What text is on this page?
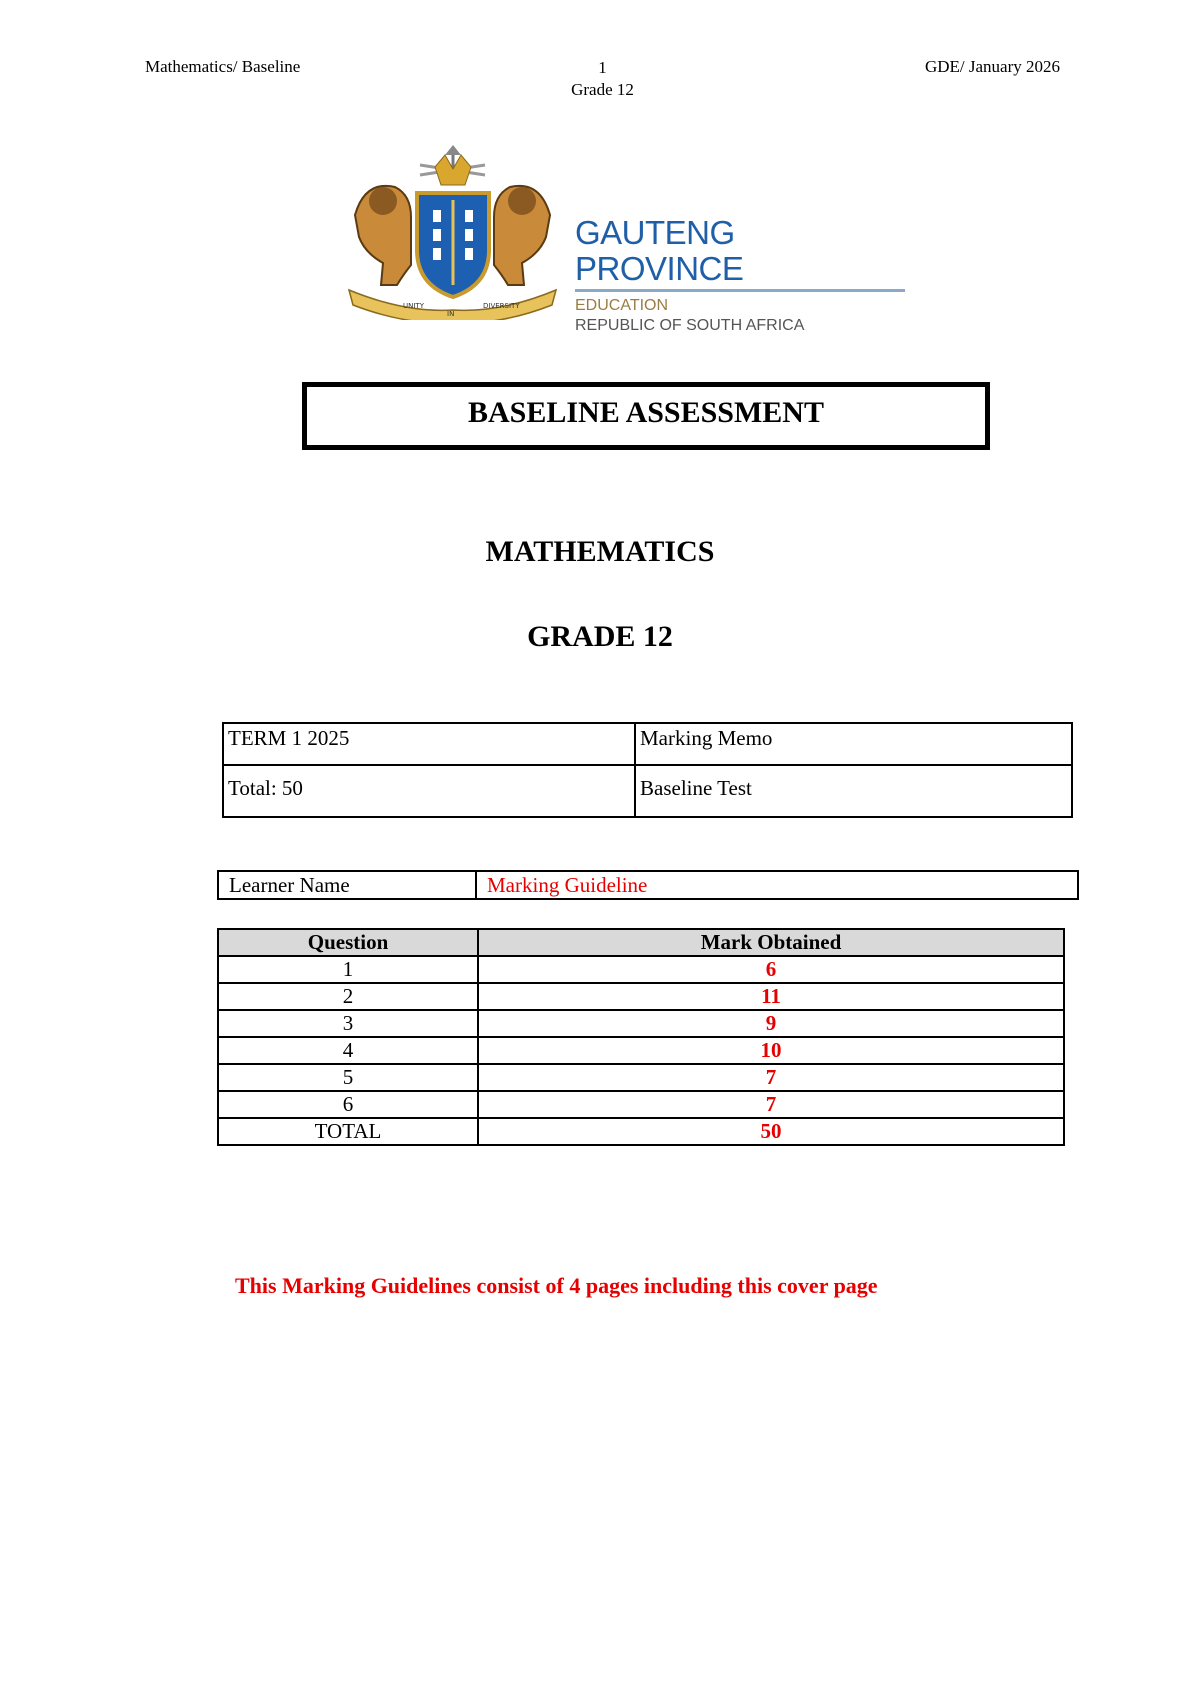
Mathematics/ Baseline	1
Grade 12
GDE/ January 2026
UNITY
IN
DIVERSITY
GAUTENG PROVINCE
EDUCATION
REPUBLIC OF SOUTH AFRICA
BASELINE ASSESSMENT
MATHEMATICS
GRADE 12
TERM 1 2025	Marking Memo
Total: 50	Baseline Test
Learner Name	Marking Guideline
Question	Mark Obtained
1	6
2	11
3	9
4	10
5	7
6	7
TOTAL	50
This Marking Guidelines consist of 4 pages including this cover page
